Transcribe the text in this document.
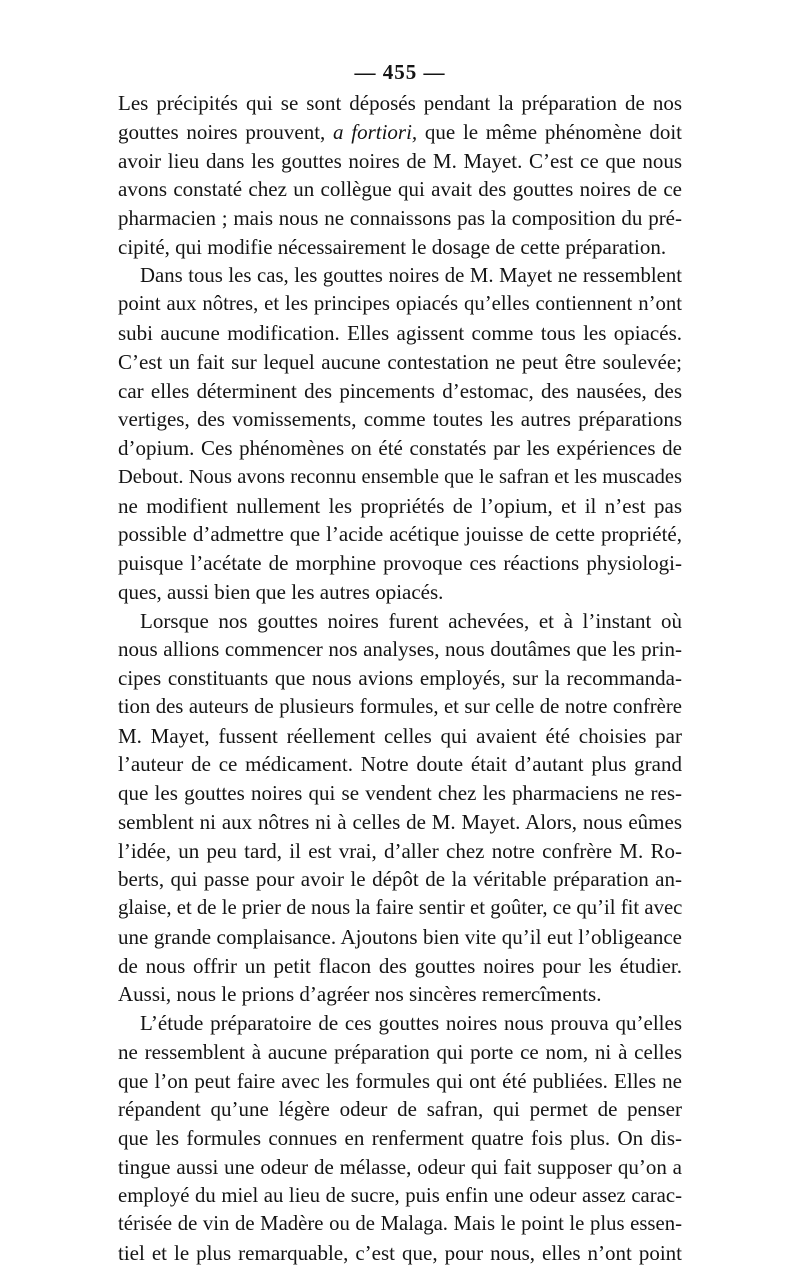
— 455 —
Les précipités qui se sont déposés pendant la préparation de nos
gouttes noires prouvent, a fortiori, que le même phénomène doit
avoir lieu dans les gouttes noires de M. Mayet. C’est ce que nous
avons constaté chez un collègue qui avait des gouttes noires de ce
pharmacien ; mais nous ne connaissons pas la composition du pré-
cipité, qui modifie nécessairement le dosage de cette préparation.
Dans tous les cas, les gouttes noires de M. Mayet ne ressemblent
point aux nôtres, et les principes opiacés qu’elles contiennent n’ont
subi aucune modification. Elles agissent comme tous les opiacés.
C’est un fait sur lequel aucune contestation ne peut être soulevée;
car elles déterminent des pincements d’estomac, des nausées, des
vertiges, des vomissements, comme toutes les autres préparations
d’opium. Ces phénomènes on été constatés par les expériences de
Debout. Nous avons reconnu ensemble que le safran et les muscades
ne modifient nullement les propriétés de l’opium, et il n’est pas
possible d’admettre que l’acide acétique jouisse de cette propriété,
puisque l’acétate de morphine provoque ces réactions physiologi-
ques, aussi bien que les autres opiacés.
Lorsque nos gouttes noires furent achevées, et à l’instant où
nous allions commencer nos analyses, nous doutâmes que les prin-
cipes constituants que nous avions employés, sur la recommanda-
tion des auteurs de plusieurs formules, et sur celle de notre confrère
M. Mayet, fussent réellement celles qui avaient été choisies par
l’auteur de ce médicament. Notre doute était d’autant plus grand
que les gouttes noires qui se vendent chez les pharmaciens ne res-
semblent ni aux nôtres ni à celles de M. Mayet. Alors, nous eûmes
l’idée, un peu tard, il est vrai, d’aller chez notre confrère M. Ro-
berts, qui passe pour avoir le dépôt de la véritable préparation an-
glaise, et de le prier de nous la faire sentir et goûter, ce qu’il fit avec
une grande complaisance. Ajoutons bien vite qu’il eut l’obligeance
de nous offrir un petit flacon des gouttes noires pour les étudier.
Aussi, nous le prions d’agréer nos sincères remercîments.
L’étude préparatoire de ces gouttes noires nous prouva qu’elles
ne ressemblent à aucune préparation qui porte ce nom, ni à celles
que l’on peut faire avec les formules qui ont été publiées. Elles ne
répandent qu’une légère odeur de safran, qui permet de penser
que les formules connues en renferment quatre fois plus. On dis-
tingue aussi une odeur de mélasse, odeur qui fait supposer qu’on a
employé du miel au lieu de sucre, puis enfin une odeur assez carac-
térisée de vin de Madère ou de Malaga. Mais le point le plus essen-
tiel et le plus remarquable, c’est que, pour nous, elles n’ont point
